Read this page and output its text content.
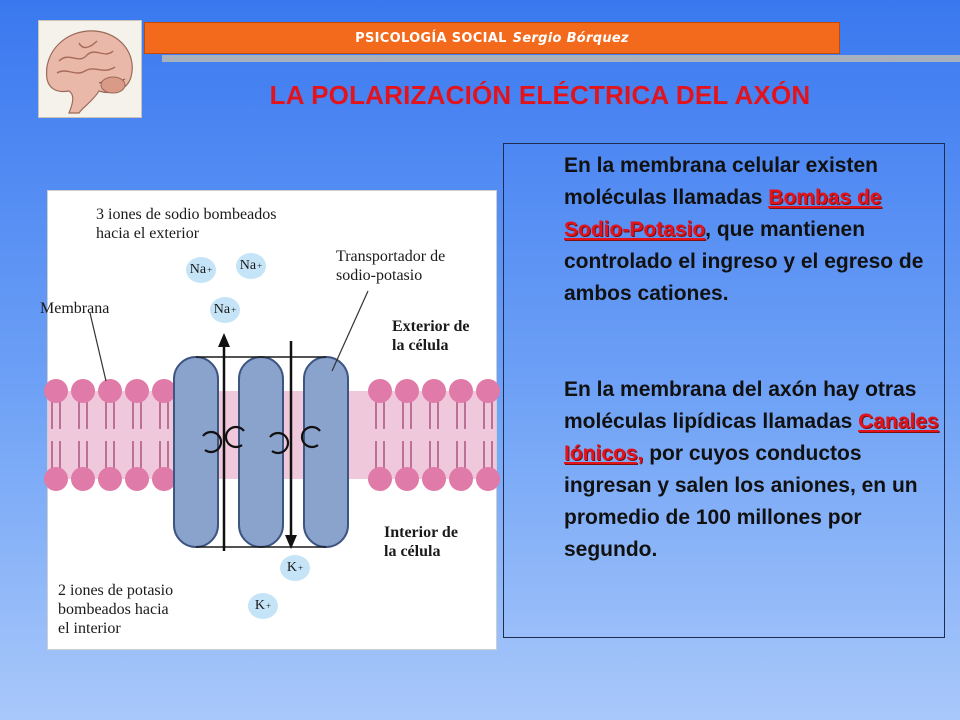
PSICOLOGÍA SOCIAL Sergio Bórquez
LA POLARIZACIÓN ELÉCTRICA DEL AXÓN
3 iones de sodio bombeados
hacia el exterior
Transportador de
sodio-potasio
Membrana
Exterior de
la célula
Interior de
la célula
2 iones de potasio
bombeados hacia
el interior
Na + Na +
Na +
K +
K +
En la membrana celular existen moléculas llamadas Bombas de Sodio-Potasio, que mantienen controlado el ingreso y el egreso de ambos cationes.
En la membrana del axón hay otras moléculas lipídicas llamadas Canales Iónicos, por cuyos conductos ingresan y salen los aniones, en un promedio de 100 millones por segundo.
